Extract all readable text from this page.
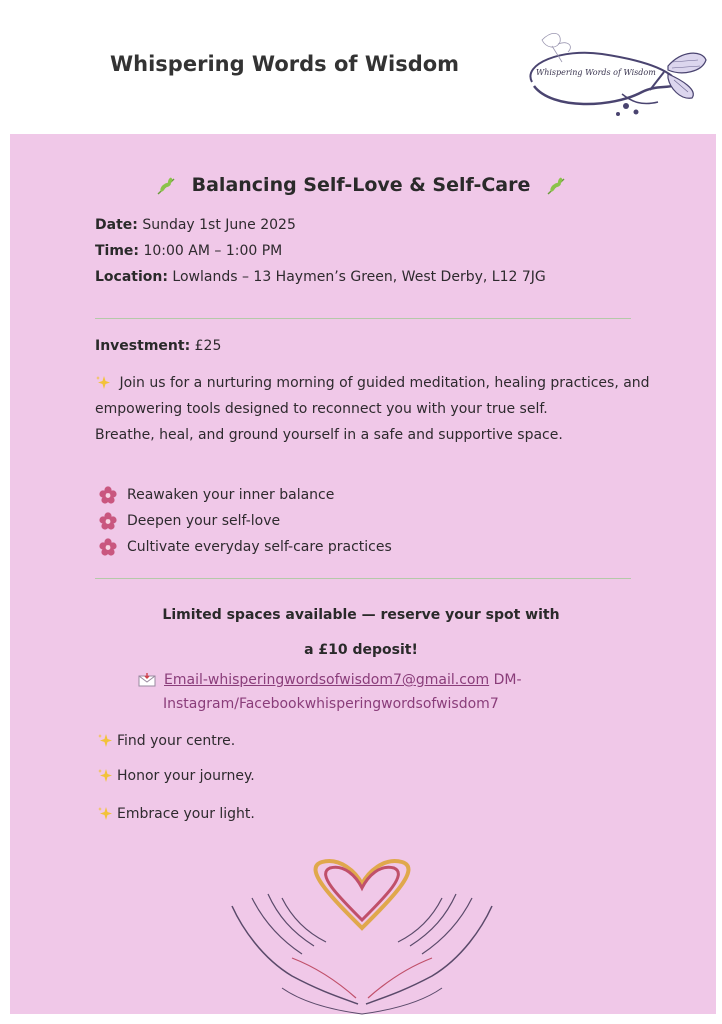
Whispering Words of Wisdom	Whispering Words of Wisdom
Balancing Self-Love & Self-Care
Date: Sunday 1st June 2025
Time: 10:00 AM – 1:00 PM
Location: Lowlands – 13 Haymen’s Green, West Derby, L12 7JG
Investment: £25
Join us for a nurturing morning of guided meditation, healing practices, and empowering tools designed to reconnect you with your true self.
Breathe, heal, and ground yourself in a safe and supportive space.
Reawaken your inner balance
Deepen your self-love
Cultivate everyday self-care practices
Limited spaces available — reserve your spot with
a £10 deposit!
Email-whisperingwordsofwisdom7@gmail.com DM-
Instagram/Facebookwhisperingwordsofwisdom7
Find your centre.
Honor your journey.
Embrace your light.
